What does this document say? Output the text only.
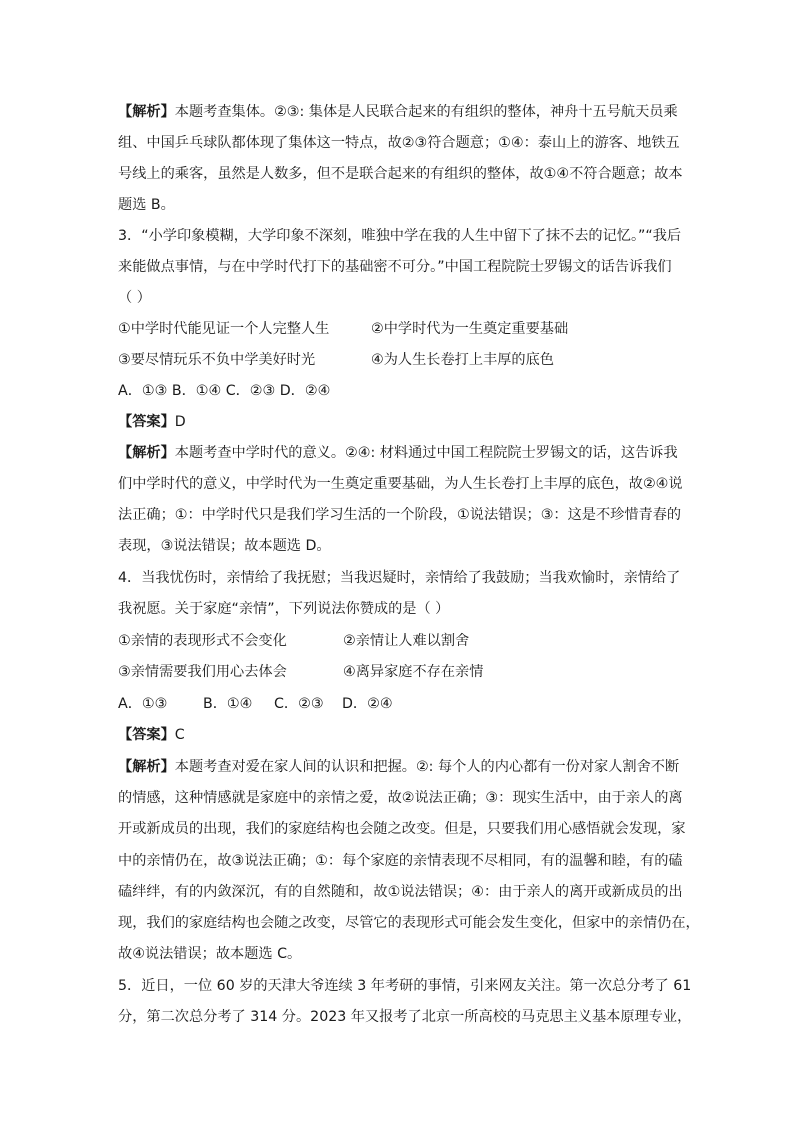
【解析】本题考查集体。②③: 集体是人民联合起来的有组织的整体，神舟十五号航天员乘
组、中国乒乓球队都体现了集体这一特点，故②③符合题意；①④：泰山上的游客、地铁五
号线上的乘客，虽然是人数多，但不是联合起来的有组织的整体，故①④不符合题意；故本
题选 B。
3．“小学印象模糊，大学印象不深刻，唯独中学在我的人生中留下了抹不去的记忆。”“我后
来能做点事情，与在中学时代打下的基础密不可分。”中国工程院院士罗锡文的话告诉我们
（ ）
①中学时代能见证一个人完整人生	②中学时代为一生奠定重要基础
③要尽情玩乐不负中学美好时光	④为人生长卷打上丰厚的底色
A．①③ B．①④ C．②③ D．②④
【答案】D
【解析】本题考查中学时代的意义。②④: 材料通过中国工程院院士罗锡文的话，这告诉我
们中学时代的意义，中学时代为一生奠定重要基础，为人生长卷打上丰厚的底色，故②④说
法正确；①：中学时代只是我们学习生活的一个阶段，①说法错误；③：这是不珍惜青春的
表现，③说法错误；故本题选 D。
4．当我忧伤时，亲情给了我抚慰；当我迟疑时，亲情给了我鼓励；当我欢愉时，亲情给了
我祝愿。关于家庭“亲情”，下列说法你赞成的是（ ）
①亲情的表现形式不会变化	②亲情让人难以割舍
③亲情需要我们用心去体会	④离异家庭不存在亲情
A．①③	B．①④ C．②③ D．②④
【答案】C
【解析】本题考查对爱在家人间的认识和把握。②: 每个人的内心都有一份对家人割舍不断
的情感，这种情感就是家庭中的亲情之爱，故②说法正确；③：现实生活中，由于亲人的离
开或新成员的出现，我们的家庭结构也会随之改变。但是，只要我们用心感悟就会发现，家
中的亲情仍在，故③说法正确；①：每个家庭的亲情表现不尽相同，有的温馨和睦，有的磕
磕绊绊，有的内敛深沉，有的自然随和，故①说法错误；④：由于亲人的离开或新成员的出
现，我们的家庭结构也会随之改变，尽管它的表现形式可能会发生变化，但家中的亲情仍在，
故④说法错误；故本题选 C。
5．近日，一位 60 岁的天津大爷连续 3 年考研的事情，引来网友关注。第一次总分考了 61
分，第二次总分考了 314 分。2023 年又报考了北京一所高校的马克思主义基本原理专业，
